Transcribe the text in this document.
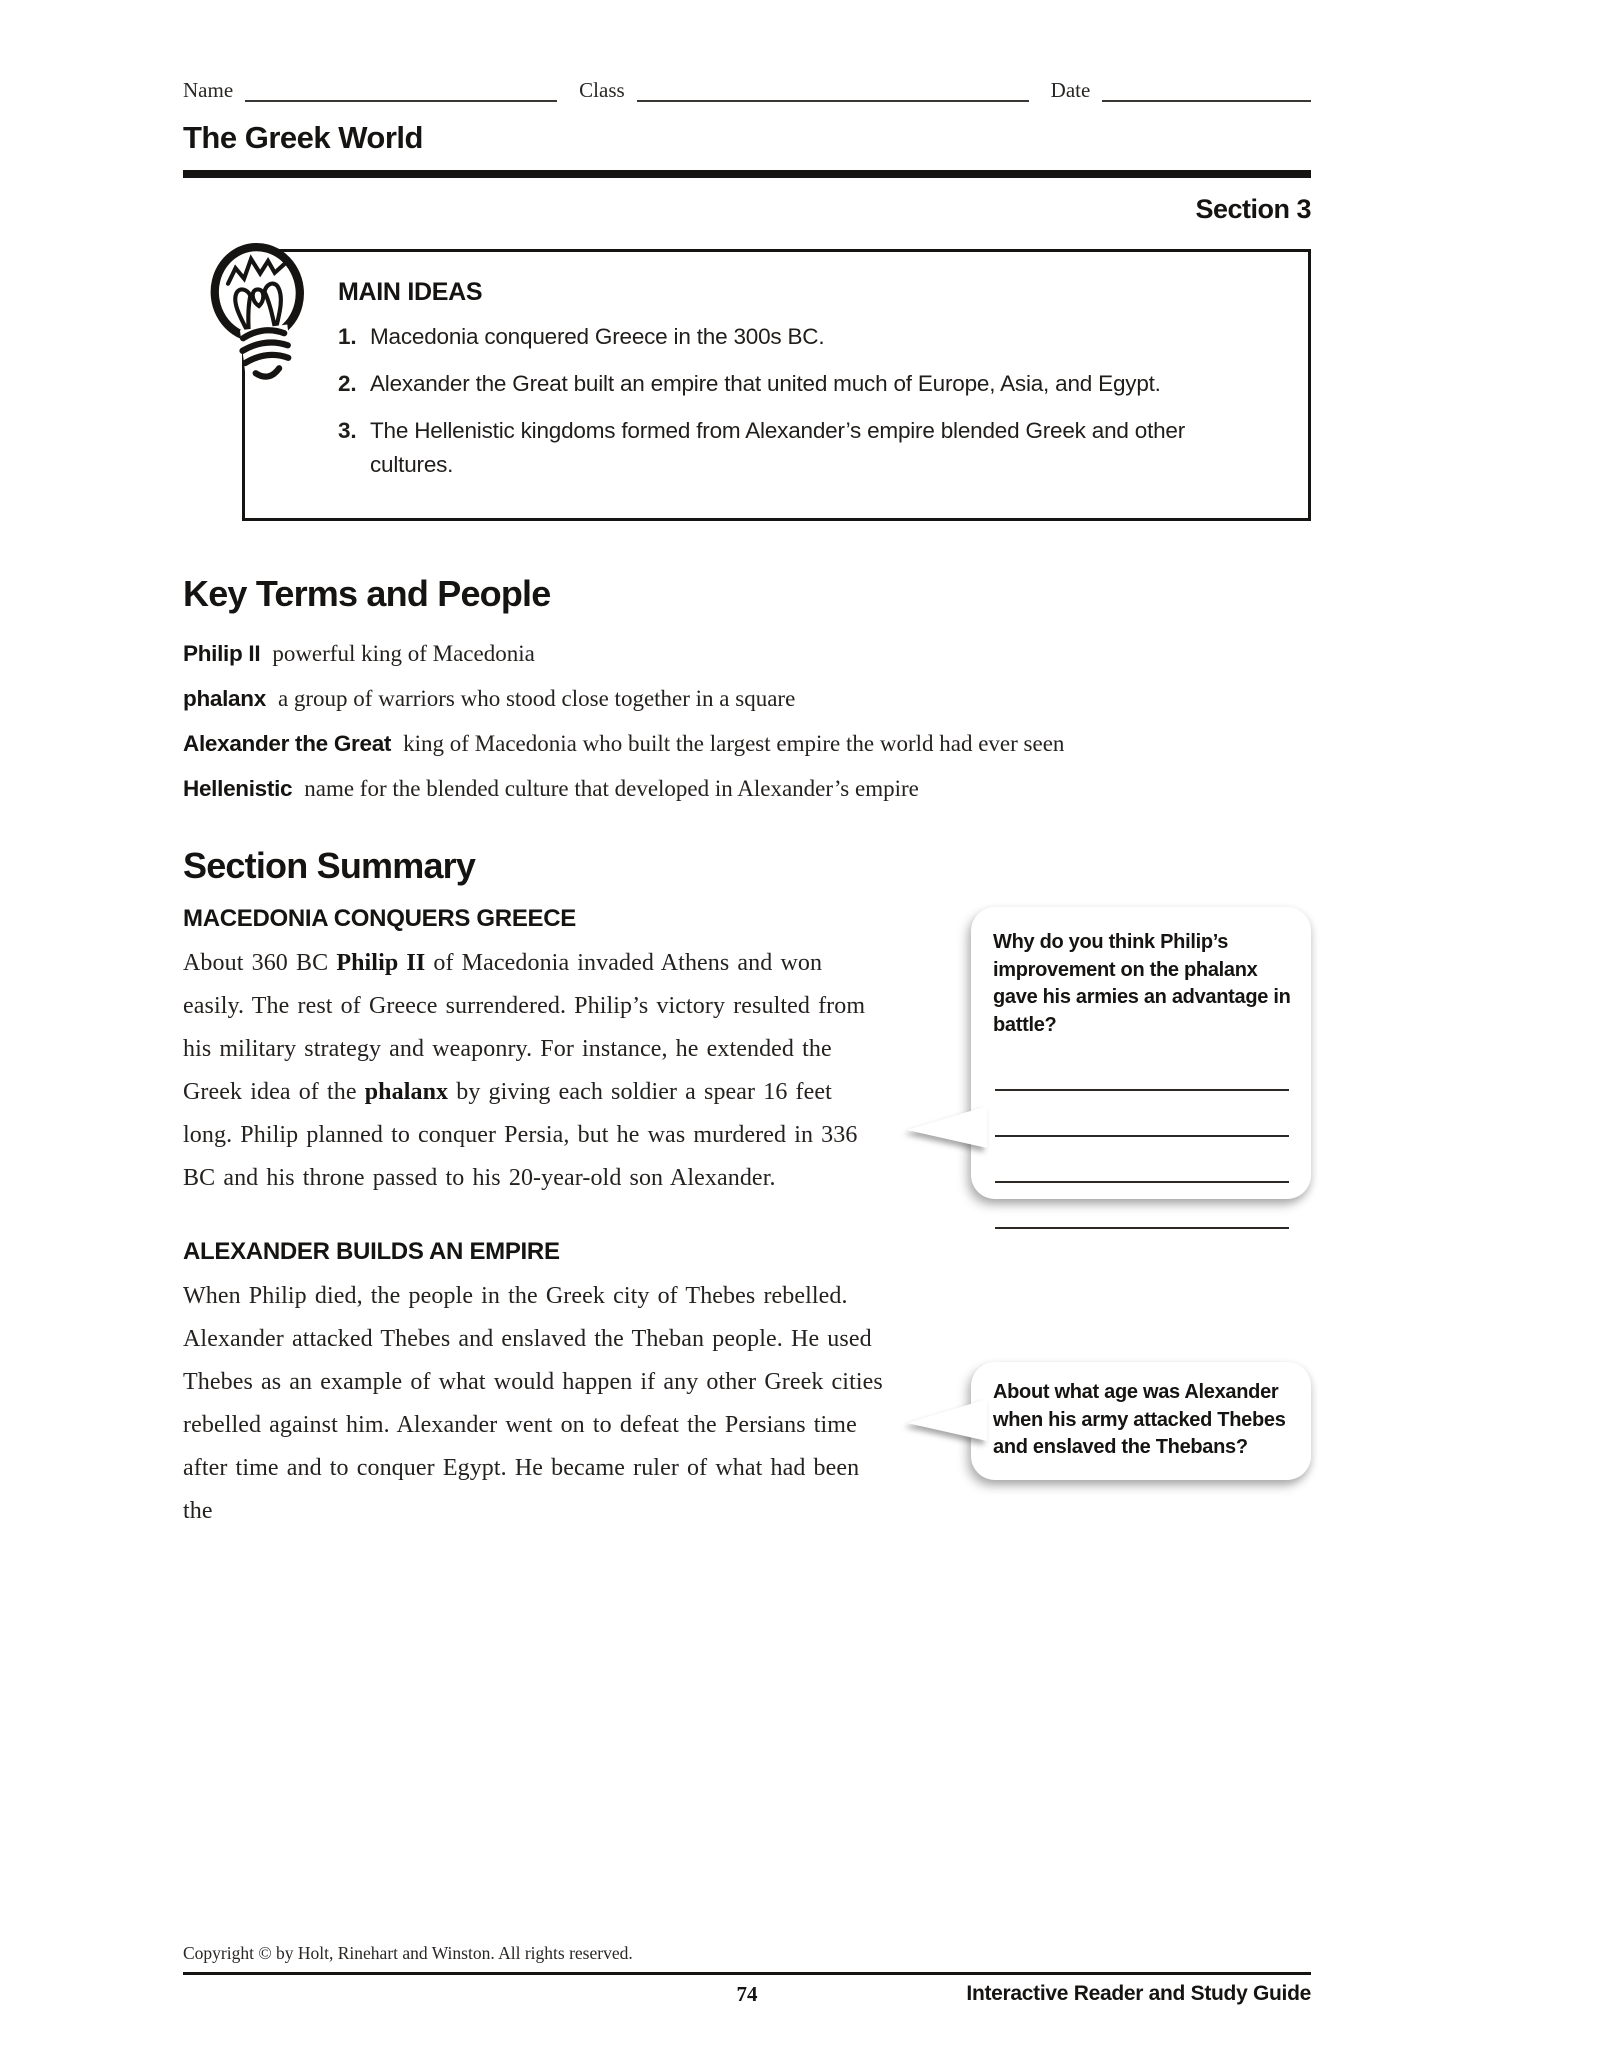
Name	Class	Date
The Greek World
Section 3
MAIN IDEAS
1. Macedonia conquered Greece in the 300s BC.
2. Alexander the Great built an empire that united much of Europe, Asia, and Egypt.
3. The Hellenistic kingdoms formed from Alexander’s empire blended Greek and other cultures.
Key Terms and People
Philip II powerful king of Macedonia
phalanx a group of warriors who stood close together in a square
Alexander the Great king of Macedonia who built the largest empire the world had ever seen
Hellenistic name for the blended culture that developed in Alexander’s empire
Section Summary
MACEDONIA CONQUERS GREECE

About 360 BC Philip II of Macedonia invaded Athens and won easily. The rest of Greece surrendered. Philip’s victory resulted from his military strategy and weaponry. For instance, he extended the Greek idea of the phalanx by giving each soldier a spear 16 feet long. Philip planned to conquer Persia, but he was murdered in 336 BC and his throne passed to his 20-year-old son Alexander.

ALEXANDER BUILDS AN EMPIRE

When Philip died, the people in the Greek city of Thebes rebelled. Alexander attacked Thebes and enslaved the Theban people. He used Thebes as an example of what would happen if any other Greek cities rebelled against him. Alexander went on to defeat the Persians time after time and to conquer Egypt. He became ruler of what had been the

Why do you think Philip’s improvement on the phalanx gave his armies an advantage in battle?
About what age was Alexander when his army attacked Thebes and enslaved the Thebans?
Copyright © by Holt, Rinehart and Winston. All rights reserved.
74	Interactive Reader and Study Guide
